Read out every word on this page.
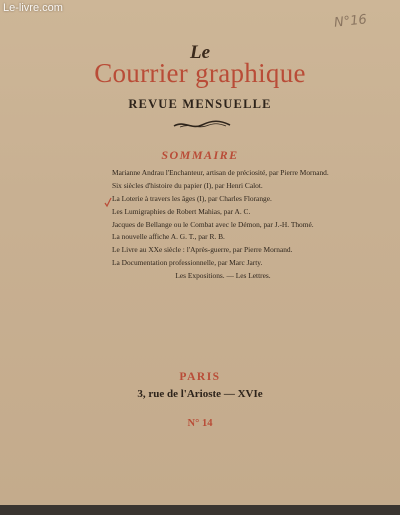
Le-livre.com
N°16
Le
Courrier graphique
REVUE MENSUELLE
SOMMAIRE
Marianne Andrau l'Enchanteur, artisan de préciosité, par Pierre Mornand.
Six siècles d'histoire du papier (I), par Henri Calot.
La Loterie à travers les âges (I), par Charles Florange.
Les Lumigraphies de Robert Mahias, par A. C.
Jacques de Bellange ou le Combat avec le Démon, par J.-H. Thomé.
La nouvelle affiche A. G. T., par R. B.
Le Livre au XXe siècle : l'Après-guerre, par Pierre Mornand.
La Documentation professionnelle, par Marc Jarty.
Les Expositions. — Les Lettres.
PARIS
3, rue de l'Arioste — XVIe
N° 14
